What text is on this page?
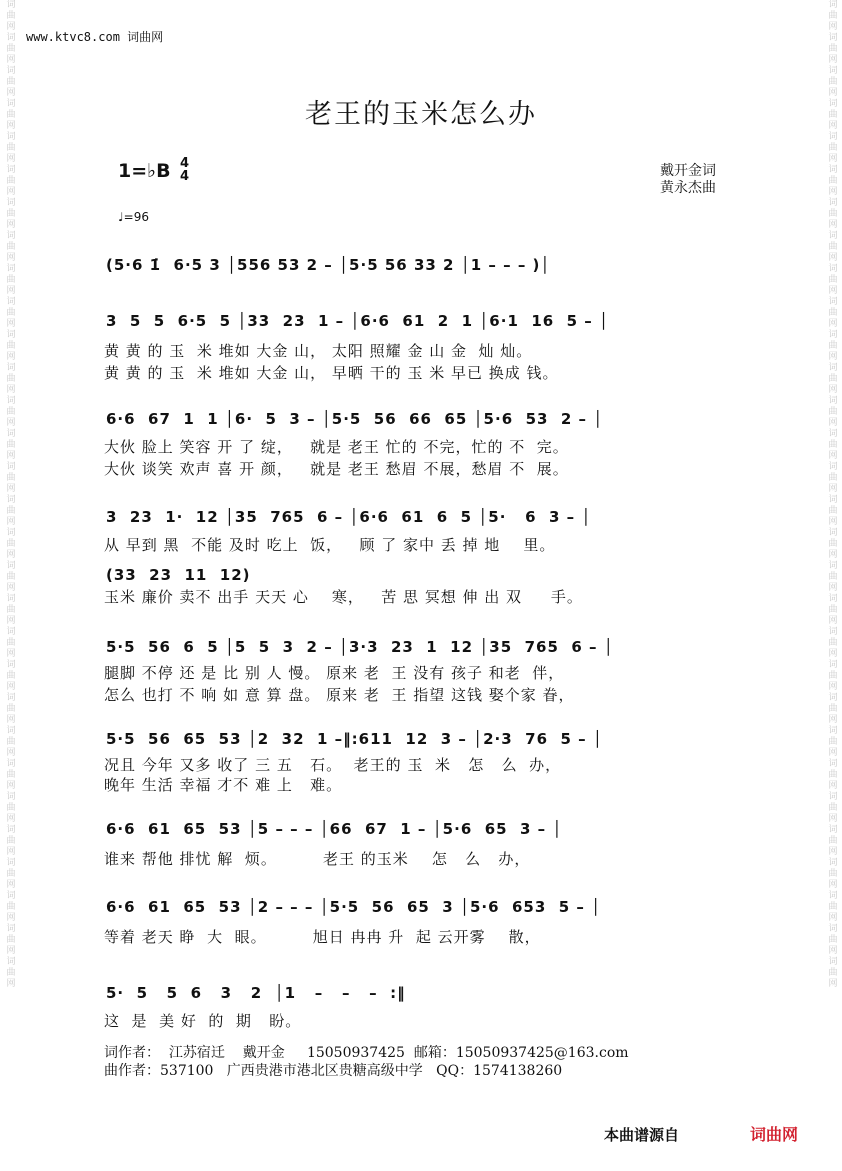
词曲网词曲网词曲网词曲网词曲网词曲网词曲网词曲网词曲网词曲网词曲网词曲网词曲网词曲网词曲网词曲网词曲网词曲网词曲网词曲网词曲网词曲网词曲网词曲网词曲网词曲网词曲网词曲网词曲网词曲网
词曲网词曲网词曲网词曲网词曲网词曲网词曲网词曲网词曲网词曲网词曲网词曲网词曲网词曲网词曲网词曲网词曲网词曲网词曲网词曲网词曲网词曲网词曲网词曲网词曲网词曲网词曲网词曲网词曲网词曲网
www.ktvc8.com 词曲网
老王的玉米怎么办
1=♭B 4
4	戴开金词
黄永杰曲
♩=96
(5·6 1̇  6·5 3 │556 53 2 – │5·5 56 33 2 │1 – – – )│
3  5  5  6·5  5 │33  23  1 – │6·6  61  2  1 │6·1  16  5 – │
黄 黄 的 玉  米 堆如 大金 山， 太阳 照耀 金 山 金  灿 灿。
黄 黄 的 玉  米 堆如 大金 山， 早晒 干的 玉 米 早已 换成 钱。
6·6  67  1  1 │6·  5  3 – │5·5  56  66  65 │5·6  53  2 – │
大伙 脸上 笑容 开 了 绽，   就是 老王 忙的 不完，忙的 不  完。
大伙 谈笑 欢声 喜 开 颜，   就是 老王 愁眉 不展，愁眉 不  展。
3  23  1·  12 │35  765  6 – │6·6  61  6  5 │5·   6  3 – │
从 早到 黑  不能 及时 吃上  饭，   顾 了 家中 丢 掉 地    里。
(33  23  11  12)
玉米 廉价 卖不 出手 天天 心    寒，   苦 思 冥想 伸 出 双     手。
5·5  56  6  5 │5  5  3  2 – │3·3  23  1  12 │35  765  6 – │
腿脚 不停 还 是 比 别 人 慢。 原来 老  王 没有 孩子 和老  伴，
怎么 也打 不 响 如 意 算 盘。 原来 老  王 指望 这钱 娶个家 眷，
5·5  56  65  53 │2  32  1 –‖:611  12  3 – │2·3  76  5 – │
况且 今年 又多 收了 三 五   石。  老王的 玉  米   怎   么  办，
晚年 生活 幸福 才不 难 上   难。
6·6  61  65  53 │5 – – – │66  67  1 – │5·6  65  3 – │
谁来 帮他 排忧 解  烦。        老王 的玉米    怎   么   办，
6·6  61  65  53 │2 – – – │5·5  56  65  3 │5·6  653  5 – │
等着 老天 睁  大  眼。        旭日 冉冉 升  起 云开雾    散，
5·  5   5  6   3   2  │1   –   –   –  :‖
这  是  美 好  的  期   盼。
词作者：  江苏宿迁    戴开金     15050937425  邮箱：15050937425@163.com
曲作者：537100   广西贵港市港北区贵糖高级中学   QQ：1574138260
本曲谱源自	词曲网
